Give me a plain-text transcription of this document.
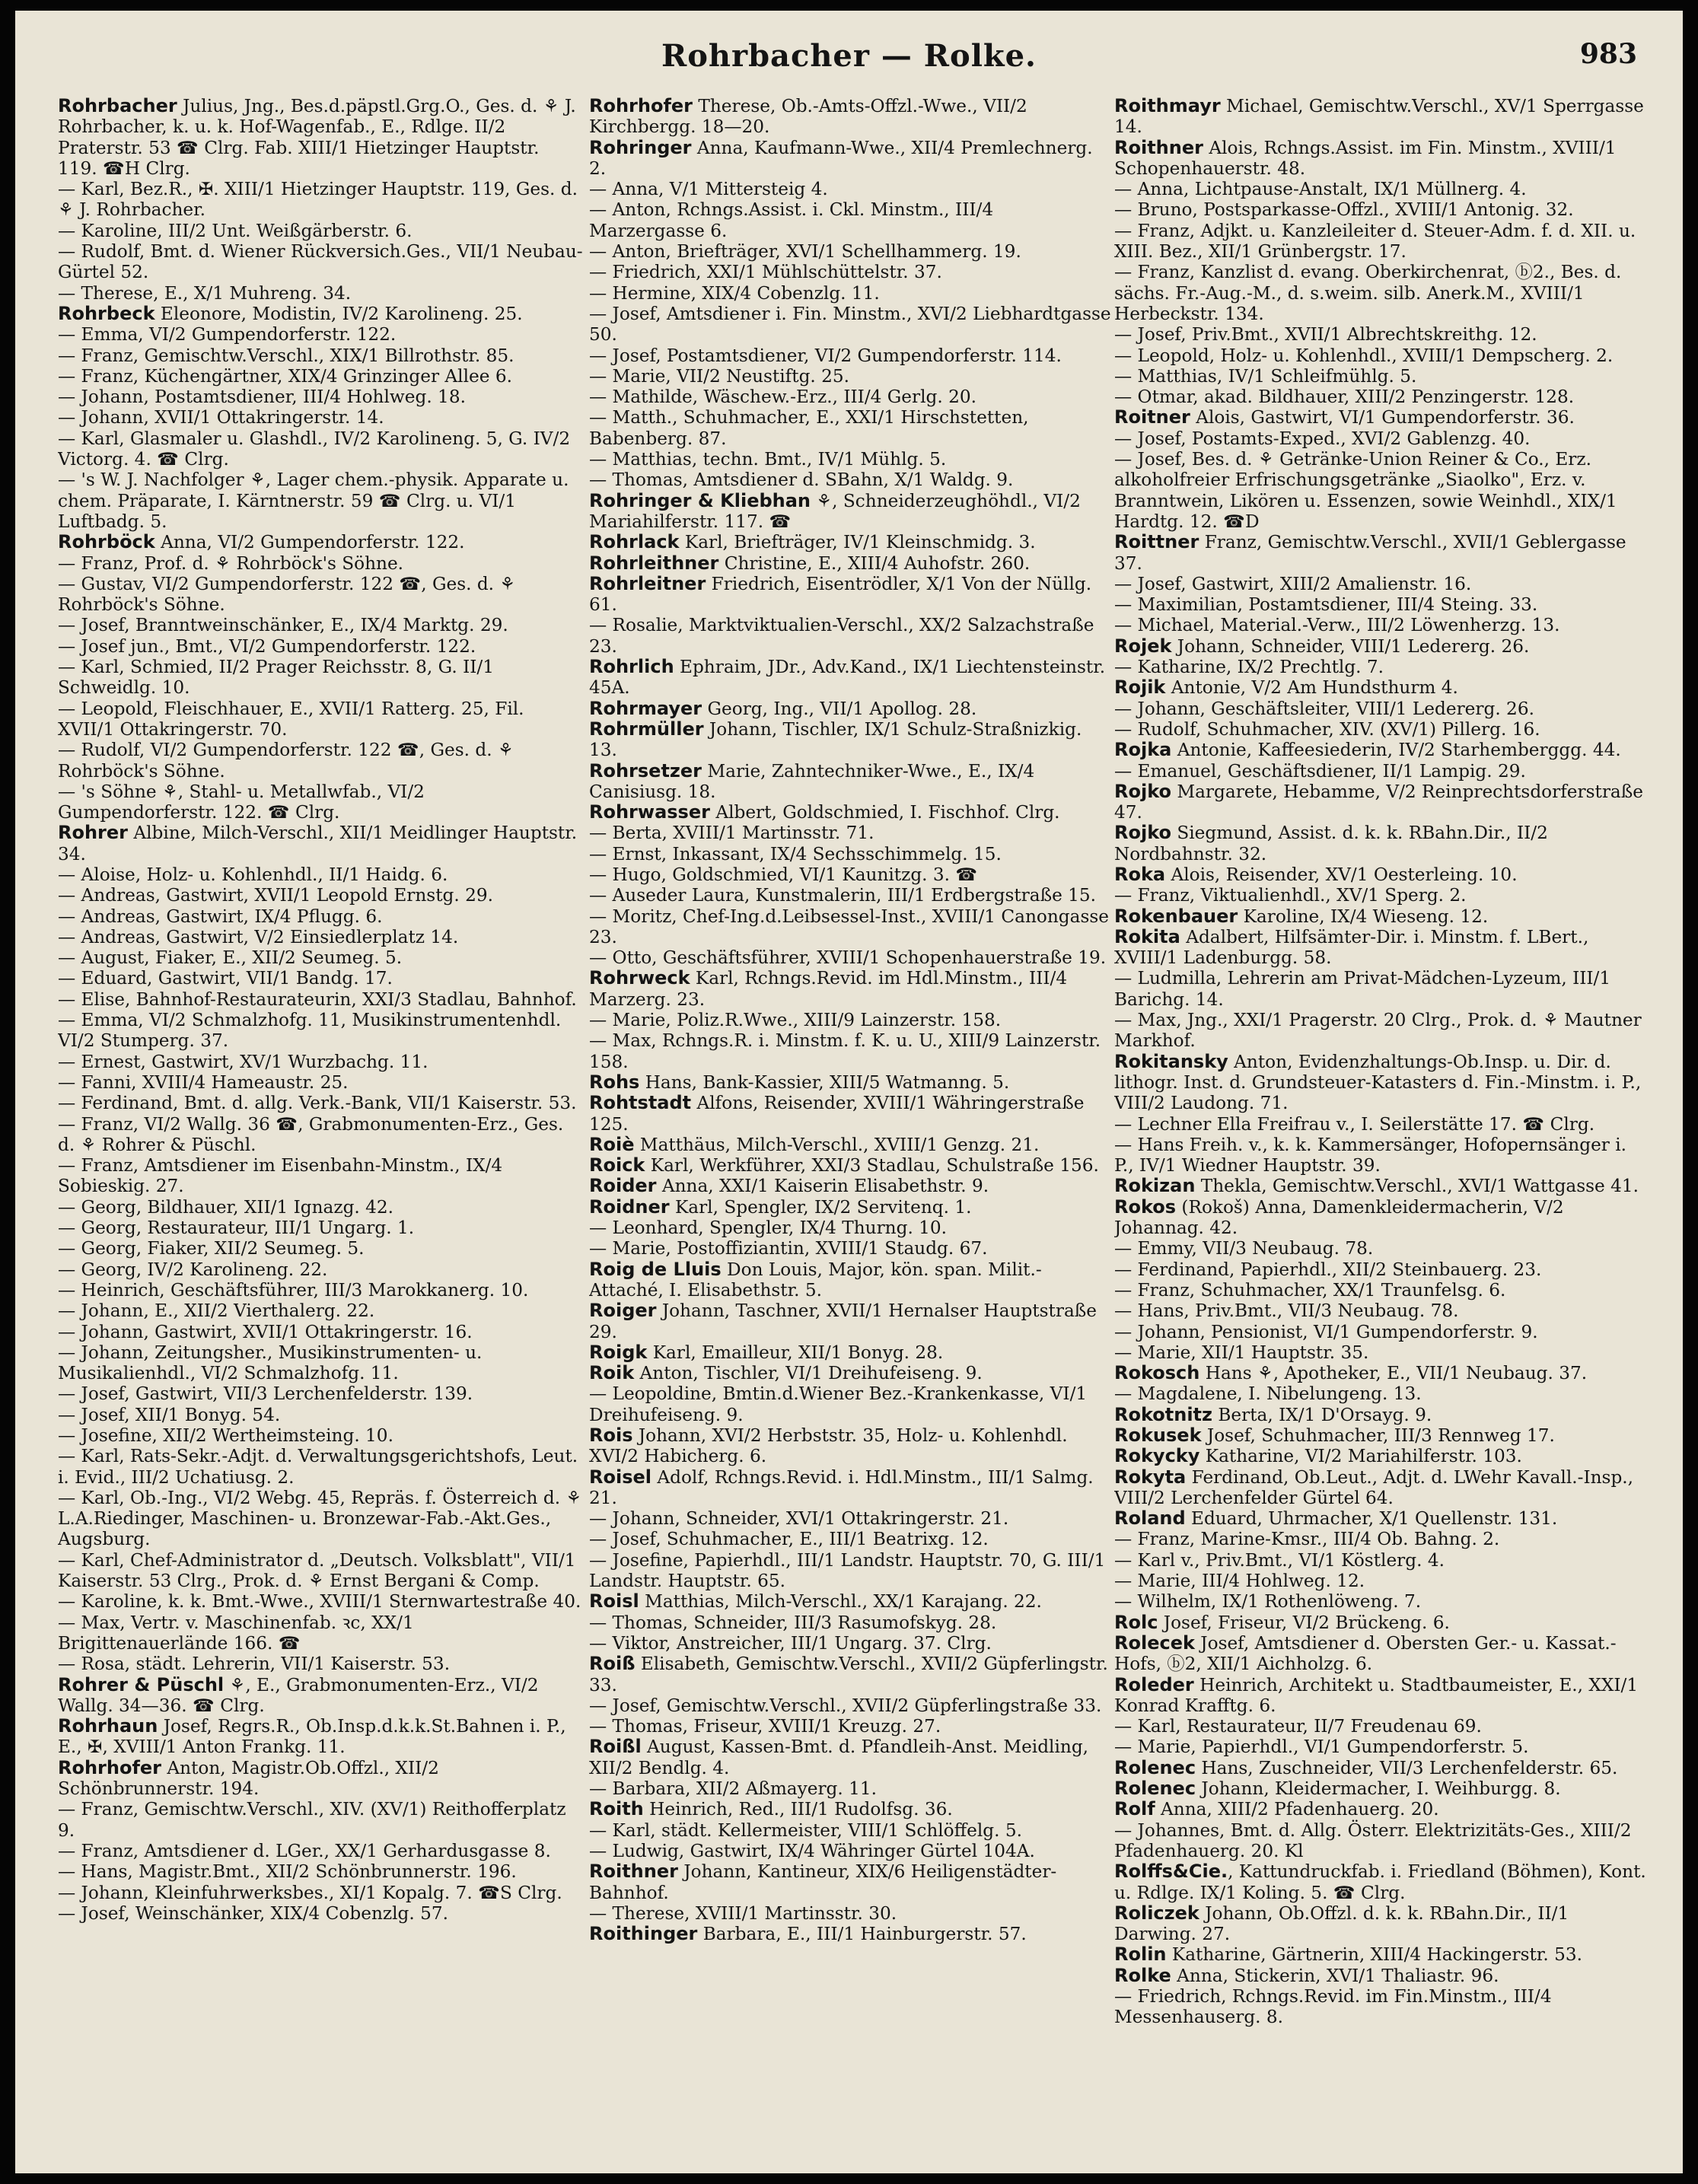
Rohrbacher — Rolke.	983

Rohrbacher Julius, Jng., Bes.d.päpstl.Grg.O., Ges. d. ⚘ J. Rohrbacher, k. u. k. Hof-Wagenfab., E., Rdlge. II/2 Praterstr. 53 ☎ Clrg. Fab. XIII/1 Hietzinger Hauptstr. 119. ☎H Clrg.

— Karl, Bez.R., ✠. XIII/1 Hietzinger Hauptstr. 119, Ges. d. ⚘ J. Rohrbacher.

— Karoline, III/2 Unt. Weißgärberstr. 6.

— Rudolf, Bmt. d. Wiener Rückversich.Ges., VII/1 Neubau-Gürtel 52.

— Therese, E., X/1 Muhreng. 34.

Rohrbeck Eleonore, Modistin, IV/2 Karolineng. 25.

— Emma, VI/2 Gumpendorferstr. 122.

— Franz, Gemischtw.Verschl., XIX/1 Billrothstr. 85.

— Franz, Küchengärtner, XIX/4 Grinzinger Allee 6.

— Johann, Postamtsdiener, III/4 Hohlweg. 18.

— Johann, XVII/1 Ottakringerstr. 14.

— Karl, Glasmaler u. Glashdl., IV/2 Karolineng. 5, G. IV/2 Victorg. 4. ☎ Clrg.

— 's W. J. Nachfolger ⚘, Lager chem.-physik. Apparate u. chem. Präparate, I. Kärntnerstr. 59 ☎ Clrg. u. VI/1 Luftbadg. 5.

Rohrböck Anna, VI/2 Gumpendorferstr. 122.

— Franz, Prof. d. ⚘ Rohrböck's Söhne.

— Gustav, VI/2 Gumpendorferstr. 122 ☎, Ges. d. ⚘ Rohrböck's Söhne.

— Josef, Branntweinschänker, E., IX/4 Marktg. 29.

— Josef jun., Bmt., VI/2 Gumpendorferstr. 122.

— Karl, Schmied, II/2 Prager Reichsstr. 8, G. II/1 Schweidlg. 10.

— Leopold, Fleischhauer, E., XVII/1 Ratterg. 25, Fil. XVII/1 Ottakringerstr. 70.

— Rudolf, VI/2 Gumpendorferstr. 122 ☎, Ges. d. ⚘ Rohrböck's Söhne.

— 's Söhne ⚘, Stahl- u. Metallwfab., VI/2 Gumpendorferstr. 122. ☎ Clrg.

Rohrer Albine, Milch-Verschl., XII/1 Meidlinger Hauptstr. 34.

— Aloise, Holz- u. Kohlenhdl., II/1 Haidg. 6.

— Andreas, Gastwirt, XVII/1 Leopold Ernstg. 29.

— Andreas, Gastwirt, IX/4 Pflugg. 6.

— Andreas, Gastwirt, V/2 Einsiedlerplatz 14.

— August, Fiaker, E., XII/2 Seumeg. 5.

— Eduard, Gastwirt, VII/1 Bandg. 17.

— Elise, Bahnhof-Restaurateurin, XXI/3 Stadlau, Bahnhof.

— Emma, VI/2 Schmalzhofg. 11, Musikinstrumentenhdl. VI/2 Stumperg. 37.

— Ernest, Gastwirt, XV/1 Wurzbachg. 11.

— Fanni, XVIII/4 Hameaustr. 25.

— Ferdinand, Bmt. d. allg. Verk.-Bank, VII/1 Kaiserstr. 53.

— Franz, VI/2 Wallg. 36 ☎, Grabmonumenten-Erz., Ges. d. ⚘ Rohrer & Püschl.

— Franz, Amtsdiener im Eisenbahn-Minstm., IX/4 Sobieskig. 27.

— Georg, Bildhauer, XII/1 Ignazg. 42.

— Georg, Restaurateur, III/1 Ungarg. 1.

— Georg, Fiaker, XII/2 Seumeg. 5.

— Georg, IV/2 Karolineng. 22.

— Heinrich, Geschäftsführer, III/3 Marokkanerg. 10.

— Johann, E., XII/2 Vierthalerg. 22.

— Johann, Gastwirt, XVII/1 Ottakringerstr. 16.

— Johann, Zeitungsher., Musikinstrumenten- u. Musikalienhdl., VI/2 Schmalzhofg. 11.

— Josef, Gastwirt, VII/3 Lerchenfelderstr. 139.

— Josef, XII/1 Bonyg. 54.

— Josefine, XII/2 Wertheimsteing. 10.

— Karl, Rats-Sekr.-Adjt. d. Verwaltungsgerichtshofs, Leut. i. Evid., III/2 Uchatiusg. 2.

— Karl, Ob.-Ing., VI/2 Webg. 45, Repräs. f. Österreich d. ⚘ L.A.Riedinger, Maschinen- u. Bronzewar-Fab.-Akt.Ges., Augsburg.

— Karl, Chef-Administrator d. „Deutsch. Volksblatt", VII/1 Kaiserstr. 53 Clrg., Prok. d. ⚘ Ernst Bergani & Comp.

— Karoline, k. k. Bmt.-Wwe., XVIII/1 Sternwartestraße 40.

— Max, Vertr. v. Maschinenfab. ꝛc, XX/1 Brigittenauerlände 166. ☎

— Rosa, städt. Lehrerin, VII/1 Kaiserstr. 53.

Rohrer & Püschl ⚘, E., Grabmonumenten-Erz., VI/2 Wallg. 34—36. ☎ Clrg.

Rohrhaun Josef, Regrs.R., Ob.Insp.d.k.k.St.Bahnen i. P., E., ✠, XVIII/1 Anton Frankg. 11.

Rohrhofer Anton, Magistr.Ob.Offzl., XII/2 Schönbrunnerstr. 194.

— Franz, Gemischtw.Verschl., XIV. (XV/1) Reithofferplatz 9.

— Franz, Amtsdiener d. LGer., XX/1 Gerhardusgasse 8.

— Hans, Magistr.Bmt., XII/2 Schönbrunnerstr. 196.

— Johann, Kleinfuhrwerksbes., XI/1 Kopalg. 7. ☎S Clrg.

— Josef, Weinschänker, XIX/4 Cobenzlg. 57.

Rohrhofer Therese, Ob.-Amts-Offzl.-Wwe., VII/2 Kirchbergg. 18—20.

Rohringer Anna, Kaufmann-Wwe., XII/4 Premlechnerg. 2.

— Anna, V/1 Mittersteig 4.

— Anton, Rchngs.Assist. i. Ckl. Minstm., III/4 Marzergasse 6.

— Anton, Briefträger, XVI/1 Schellhammerg. 19.

— Friedrich, XXI/1 Mühlschüttelstr. 37.

— Hermine, XIX/4 Cobenzlg. 11.

— Josef, Amtsdiener i. Fin. Minstm., XVI/2 Liebhardtgasse 50.

— Josef, Postamtsdiener, VI/2 Gumpendorferstr. 114.

— Marie, VII/2 Neustiftg. 25.

— Mathilde, Wäschew.-Erz., III/4 Gerlg. 20.

— Matth., Schuhmacher, E., XXI/1 Hirschstetten, Babenberg. 87.

— Matthias, techn. Bmt., IV/1 Mühlg. 5.

— Thomas, Amtsdiener d. SBahn, X/1 Waldg. 9.

Rohringer & Kliebhan ⚘, Schneiderzeughöhdl., VI/2 Mariahilferstr. 117. ☎

Rohrlack Karl, Briefträger, IV/1 Kleinschmidg. 3.

Rohrleithner Christine, E., XIII/4 Auhofstr. 260.

Rohrleitner Friedrich, Eisentrödler, X/1 Von der Nüllg. 61.

— Rosalie, Marktviktualien-Verschl., XX/2 Salzachstraße 23.

Rohrlich Ephraim, JDr., Adv.Kand., IX/1 Liechtensteinstr. 45A.

Rohrmayer Georg, Ing., VII/1 Apollog. 28.

Rohrmüller Johann, Tischler, IX/1 Schulz-Straßnizkig. 13.

Rohrsetzer Marie, Zahntechniker-Wwe., E., IX/4 Canisiusg. 18.

Rohrwasser Albert, Goldschmied, I. Fischhof. Clrg.

— Berta, XVIII/1 Martinsstr. 71.

— Ernst, Inkassant, IX/4 Sechsschimmelg. 15.

— Hugo, Goldschmied, VI/1 Kaunitzg. 3. ☎

— Auseder Laura, Kunstmalerin, III/1 Erdbergstraße 15.

— Moritz, Chef-Ing.d.Leibsessel-Inst., XVIII/1 Canongasse 23.

— Otto, Geschäftsführer, XVIII/1 Schopenhauerstraße 19.

Rohrweck Karl, Rchngs.Revid. im Hdl.Minstm., III/4 Marzerg. 23.

— Marie, Poliz.R.Wwe., XIII/9 Lainzerstr. 158.

— Max, Rchngs.R. i. Minstm. f. K. u. U., XIII/9 Lainzerstr. 158.

Rohs Hans, Bank-Kassier, XIII/5 Watmanng. 5.

Rohtstadt Alfons, Reisender, XVIII/1 Währingerstraße 125.

Roiè Matthäus, Milch-Verschl., XVIII/1 Genzg. 21.

Roick Karl, Werkführer, XXI/3 Stadlau, Schulstraße 156.

Roider Anna, XXI/1 Kaiserin Elisabethstr. 9.

Roidner Karl, Spengler, IX/2 Servitenq. 1.

— Leonhard, Spengler, IX/4 Thurng. 10.

— Marie, Postoffiziantin, XVIII/1 Staudg. 67.

Roig de Lluis Don Louis, Major, kön. span. Milit.-Attaché, I. Elisabethstr. 5.

Roiger Johann, Taschner, XVII/1 Hernalser Hauptstraße 29.

Roigk Karl, Emailleur, XII/1 Bonyg. 28.

Roik Anton, Tischler, VI/1 Dreihufeiseng. 9.

— Leopoldine, Bmtin.d.Wiener Bez.-Krankenkasse, VI/1 Dreihufeiseng. 9.

Rois Johann, XVI/2 Herbststr. 35, Holz- u. Kohlenhdl. XVI/2 Habicherg. 6.

Roisel Adolf, Rchngs.Revid. i. Hdl.Minstm., III/1 Salmg. 21.

— Johann, Schneider, XVI/1 Ottakringerstr. 21.

— Josef, Schuhmacher, E., III/1 Beatrixg. 12.

— Josefine, Papierhdl., III/1 Landstr. Hauptstr. 70, G. III/1 Landstr. Hauptstr. 65.

Roisl Matthias, Milch-Verschl., XX/1 Karajang. 22.

— Thomas, Schneider, III/3 Rasumofskyg. 28.

— Viktor, Anstreicher, III/1 Ungarg. 37. Clrg.

Roiß Elisabeth, Gemischtw.Verschl., XVII/2 Güpferlingstr. 33.

— Josef, Gemischtw.Verschl., XVII/2 Güpferlingstraße 33.

— Thomas, Friseur, XVIII/1 Kreuzg. 27.

Roißl August, Kassen-Bmt. d. Pfandleih-Anst. Meidling, XII/2 Bendlg. 4.

— Barbara, XII/2 Aßmayerg. 11.

Roith Heinrich, Red., III/1 Rudolfsg. 36.

— Karl, städt. Kellermeister, VIII/1 Schlöffelg. 5.

— Ludwig, Gastwirt, IX/4 Währinger Gürtel 104A.

Roithner Johann, Kantineur, XIX/6 Heiligenstädter-Bahnhof.

— Therese, XVIII/1 Martinsstr. 30.

Roithinger Barbara, E., III/1 Hainburgerstr. 57.

Roithmayr Michael, Gemischtw.Verschl., XV/1 Sperrgasse 14.

Roithner Alois, Rchngs.Assist. im Fin. Minstm., XVIII/1 Schopenhauerstr. 48.

— Anna, Lichtpause-Anstalt, IX/1 Müllnerg. 4.

— Bruno, Postsparkasse-Offzl., XVIII/1 Antonig. 32.

— Franz, Adjkt. u. Kanzleileiter d. Steuer-Adm. f. d. XII. u. XIII. Bez., XII/1 Grünbergstr. 17.

— Franz, Kanzlist d. evang. Oberkirchenrat, ⓑ2., Bes. d. sächs. Fr.-Aug.-M., d. s.weim. silb. Anerk.M., XVIII/1 Herbeckstr. 134.

— Josef, Priv.Bmt., XVII/1 Albrechtskreithg. 12.

— Leopold, Holz- u. Kohlenhdl., XVIII/1 Dempscherg. 2.

— Matthias, IV/1 Schleifmühlg. 5.

— Otmar, akad. Bildhauer, XIII/2 Penzingerstr. 128.

Roitner Alois, Gastwirt, VI/1 Gumpendorferstr. 36.

— Josef, Postamts-Exped., XVI/2 Gablenzg. 40.

— Josef, Bes. d. ⚘ Getränke-Union Reiner & Co., Erz. alkoholfreier Erfrischungsgetränke „Siaolko", Erz. v. Branntwein, Likören u. Essenzen, sowie Weinhdl., XIX/1 Hardtg. 12. ☎D

Roittner Franz, Gemischtw.Verschl., XVII/1 Geblergasse 37.

— Josef, Gastwirt, XIII/2 Amalienstr. 16.

— Maximilian, Postamtsdiener, III/4 Steing. 33.

— Michael, Material.-Verw., III/2 Löwenherzg. 13.

Rojek Johann, Schneider, VIII/1 Ledererg. 26.

— Katharine, IX/2 Prechtlg. 7.

Rojik Antonie, V/2 Am Hundsthurm 4.

— Johann, Geschäftsleiter, VIII/1 Ledererg. 26.

— Rudolf, Schuhmacher, XIV. (XV/1) Pillerg. 16.

Rojka Antonie, Kaffeesiederin, IV/2 Starhemberggg. 44.

— Emanuel, Geschäftsdiener, II/1 Lampig. 29.

Rojko Margarete, Hebamme, V/2 Reinprechtsdorferstraße 47.

Rojko Siegmund, Assist. d. k. k. RBahn.Dir., II/2 Nordbahnstr. 32.

Roka Alois, Reisender, XV/1 Oesterleing. 10.

— Franz, Viktualienhdl., XV/1 Sperg. 2.

Rokenbauer Karoline, IX/4 Wieseng. 12.

Rokita Adalbert, Hilfsämter-Dir. i. Minstm. f. LBert., XVIII/1 Ladenburgg. 58.

— Ludmilla, Lehrerin am Privat-Mädchen-Lyzeum, III/1 Barichg. 14.

— Max, Jng., XXI/1 Pragerstr. 20 Clrg., Prok. d. ⚘ Mautner Markhof.

Rokitansky Anton, Evidenzhaltungs-Ob.Insp. u. Dir. d. lithogr. Inst. d. Grundsteuer-Katasters d. Fin.-Minstm. i. P., VIII/2 Laudong. 71.

— Lechner Ella Freifrau v., I. Seilerstätte 17. ☎ Clrg.

— Hans Freih. v., k. k. Kammersänger, Hofopernsänger i. P., IV/1 Wiedner Hauptstr. 39.

Rokizan Thekla, Gemischtw.Verschl., XVI/1 Wattgasse 41.

Rokos (Rokoš) Anna, Damenkleidermacherin, V/2 Johannag. 42.

— Emmy, VII/3 Neubaug. 78.

— Ferdinand, Papierhdl., XII/2 Steinbauerg. 23.

— Franz, Schuhmacher, XX/1 Traunfelsg. 6.

— Hans, Priv.Bmt., VII/3 Neubaug. 78.

— Johann, Pensionist, VI/1 Gumpendorferstr. 9.

— Marie, XII/1 Hauptstr. 35.

Rokosch Hans ⚘, Apotheker, E., VII/1 Neubaug. 37.

— Magdalene, I. Nibelungeng. 13.

Rokotnitz Berta, IX/1 D'Orsayg. 9.

Rokusek Josef, Schuhmacher, III/3 Rennweg 17.

Rokycky Katharine, VI/2 Mariahilferstr. 103.

Rokyta Ferdinand, Ob.Leut., Adjt. d. LWehr Kavall.-Insp., VIII/2 Lerchenfelder Gürtel 64.

Roland Eduard, Uhrmacher, X/1 Quellenstr. 131.

— Franz, Marine-Kmsr., III/4 Ob. Bahng. 2.

— Karl v., Priv.Bmt., VI/1 Köstlerg. 4.

— Marie, III/4 Hohlweg. 12.

— Wilhelm, IX/1 Rothenlöweng. 7.

Rolc Josef, Friseur, VI/2 Brückeng. 6.

Rolecek Josef, Amtsdiener d. Obersten Ger.- u. Kassat.-Hofs, ⓑ2, XII/1 Aichholzg. 6.

Roleder Heinrich, Architekt u. Stadtbaumeister, E., XXI/1 Konrad Krafftg. 6.

— Karl, Restaurateur, II/7 Freudenau 69.

— Marie, Papierhdl., VI/1 Gumpendorferstr. 5.

Rolenec Hans, Zuschneider, VII/3 Lerchenfelderstr. 65.

Rolenec Johann, Kleidermacher, I. Weihburgg. 8.

Rolf Anna, XIII/2 Pfadenhauerg. 20.

— Johannes, Bmt. d. Allg. Österr. Elektrizitäts-Ges., XIII/2 Pfadenhauerg. 20. Kl

Rolffs&Cie., Kattundruckfab. i. Friedland (Böhmen), Kont. u. Rdlge. IX/1 Koling. 5. ☎ Clrg.

Roliczek Johann, Ob.Offzl. d. k. k. RBahn.Dir., II/1 Darwing. 27.

Rolin Katharine, Gärtnerin, XIII/4 Hackingerstr. 53.

Rolke Anna, Stickerin, XVI/1 Thaliastr. 96.

— Friedrich, Rchngs.Revid. im Fin.Minstm., III/4 Messenhauserg. 8.
